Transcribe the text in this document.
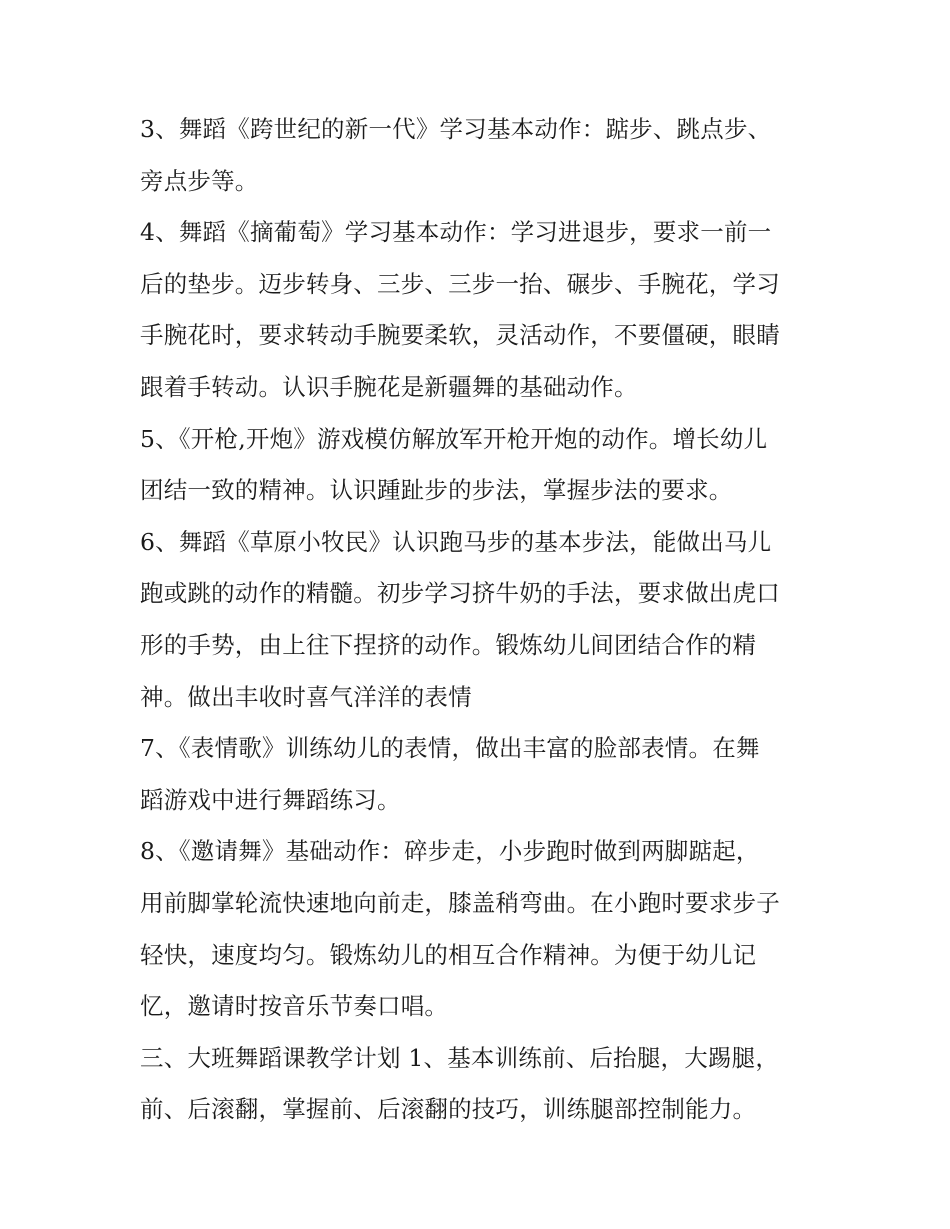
3、舞蹈《跨世纪的新一代》学习基本动作：踮步、跳点步、
旁点步等。
4、舞蹈《摘葡萄》学习基本动作：学习进退步，要求一前一
后的垫步。迈步转身、三步、三步一抬、碾步、手腕花，学习
手腕花时，要求转动手腕要柔软，灵活动作，不要僵硬，眼睛
跟着手转动。认识手腕花是新疆舞的基础动作。
5、《开枪,开炮》游戏模仿解放军开枪开炮的动作。增长幼儿
团结一致的精神。认识踵趾步的步法，掌握步法的要求。
6、舞蹈《草原小牧民》认识跑马步的基本步法，能做出马儿
跑或跳的动作的精髓。初步学习挤牛奶的手法，要求做出虎口
形的手势，由上往下捏挤的动作。锻炼幼儿间团结合作的精
神。做出丰收时喜气洋洋的表情
7、《表情歌》训练幼儿的表情，做出丰富的脸部表情。在舞
蹈游戏中进行舞蹈练习。
8、《邀请舞》基础动作：碎步走，小步跑时做到两脚踮起，
用前脚掌轮流快速地向前走，膝盖稍弯曲。在小跑时要求步子
轻快，速度均匀。锻炼幼儿的相互合作精神。为便于幼儿记
忆，邀请时按音乐节奏口唱。
三、大班舞蹈课教学计划 1、基本训练前、后抬腿，大踢腿，
前、后滚翻，掌握前、后滚翻的技巧，训练腿部控制能力。
